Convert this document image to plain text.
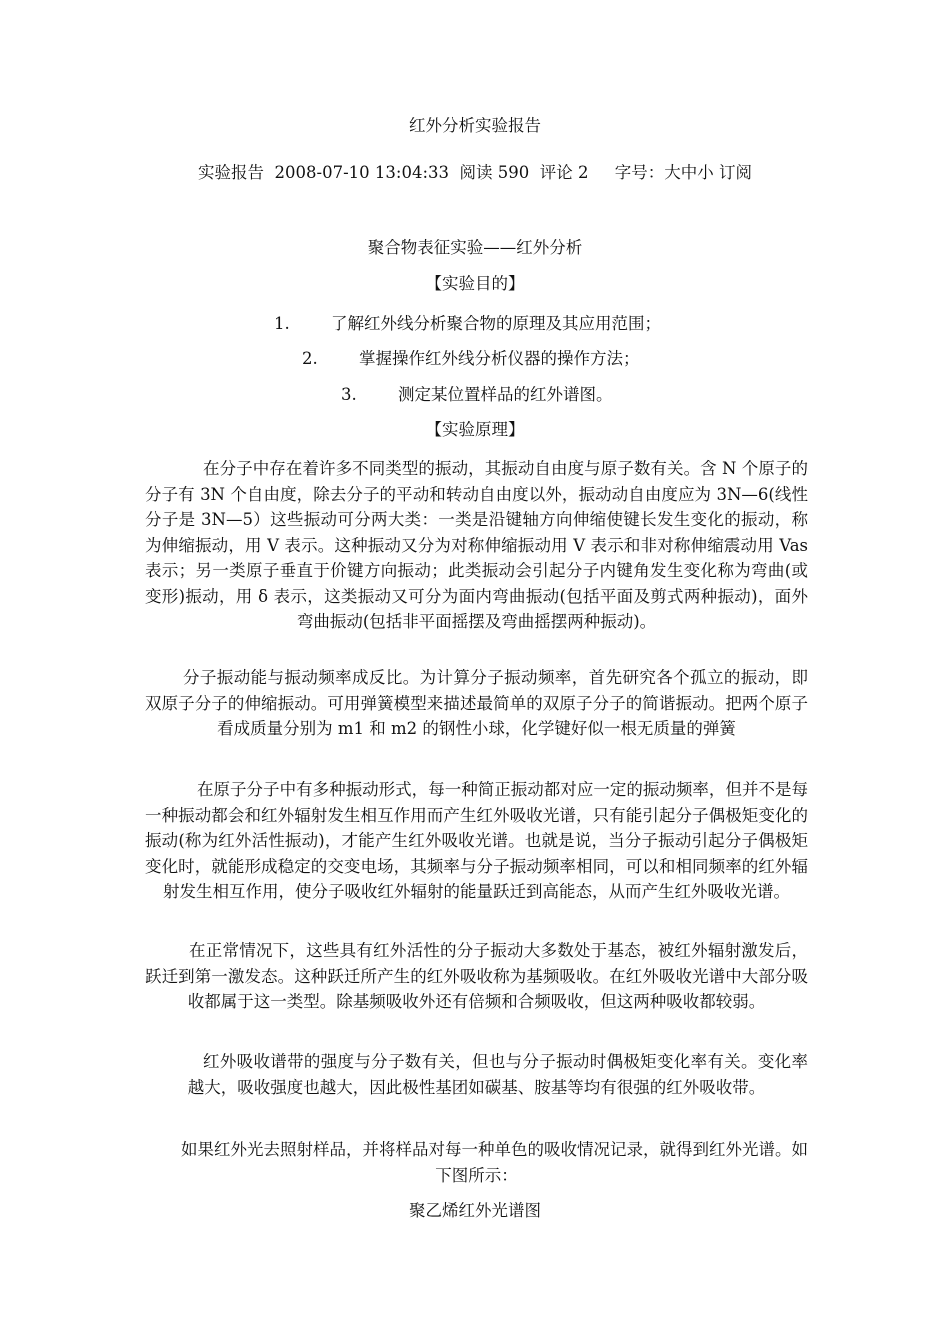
红外分析实验报告
实验报告  2008-07-10 13:04:33  阅读 590  评论 2     字号：大中小 订阅
聚合物表征实验——红外分析
【实验目的】
1.	了解红外线分析聚合物的原理及其应用范围；
2.	掌握操作红外线分析仪器的操作方法；
3.	测定某位置样品的红外谱图。
【实验原理】
在分子中存在着许多不同类型的振动，其振动自由度与原子数有关。含 N 个原子的分子有 3N 个自由度，除去分子的平动和转动自由度以外，振动动自由度应为 3N—6(线性分子是 3N—5）这些振动可分两大类：一类是沿键轴方向伸缩使键长发生变化的振动，称为伸缩振动，用 V 表示。这种振动又分为对称伸缩振动用 V 表示和非对称伸缩震动用 Vas 表示；另一类原子垂直于价键方向振动；此类振动会引起分子内键角发生变化称为弯曲(或变形)振动，用 δ 表示，这类振动又可分为面内弯曲振动(包括平面及剪式两种振动)，面外弯曲振动(包括非平面摇摆及弯曲摇摆两种振动)。
分子振动能与振动频率成反比。为计算分子振动频率，首先研究各个孤立的振动，即双原子分子的伸缩振动。可用弹簧模型来描述最简单的双原子分子的简谐振动。把两个原子看成质量分别为 m1 和 m2 的钢性小球，化学键好似一根无质量的弹簧
在原子分子中有多种振动形式，每一种简正振动都对应一定的振动频率，但并不是每一种振动都会和红外辐射发生相互作用而产生红外吸收光谱，只有能引起分子偶极矩变化的振动(称为红外活性振动)，才能产生红外吸收光谱。也就是说，当分子振动引起分子偶极矩变化时，就能形成稳定的交变电场，其频率与分子振动频率相同，可以和相同频率的红外辐射发生相互作用，使分子吸收红外辐射的能量跃迁到高能态，从而产生红外吸收光谱。
在正常情况下，这些具有红外活性的分子振动大多数处于基态，被红外辐射激发后，跃迁到第一激发态。这种跃迁所产生的红外吸收称为基频吸收。在红外吸收光谱中大部分吸收都属于这一类型。除基频吸收外还有倍频和合频吸收，但这两种吸收都较弱。
红外吸收谱带的强度与分子数有关，但也与分子振动时偶极矩变化率有关。变化率越大，吸收强度也越大，因此极性基团如碳基、胺基等均有很强的红外吸收带。
如果红外光去照射样品，并将样品对每一种单色的吸收情况记录，就得到红外光谱。如下图所示：
聚乙烯红外光谱图
